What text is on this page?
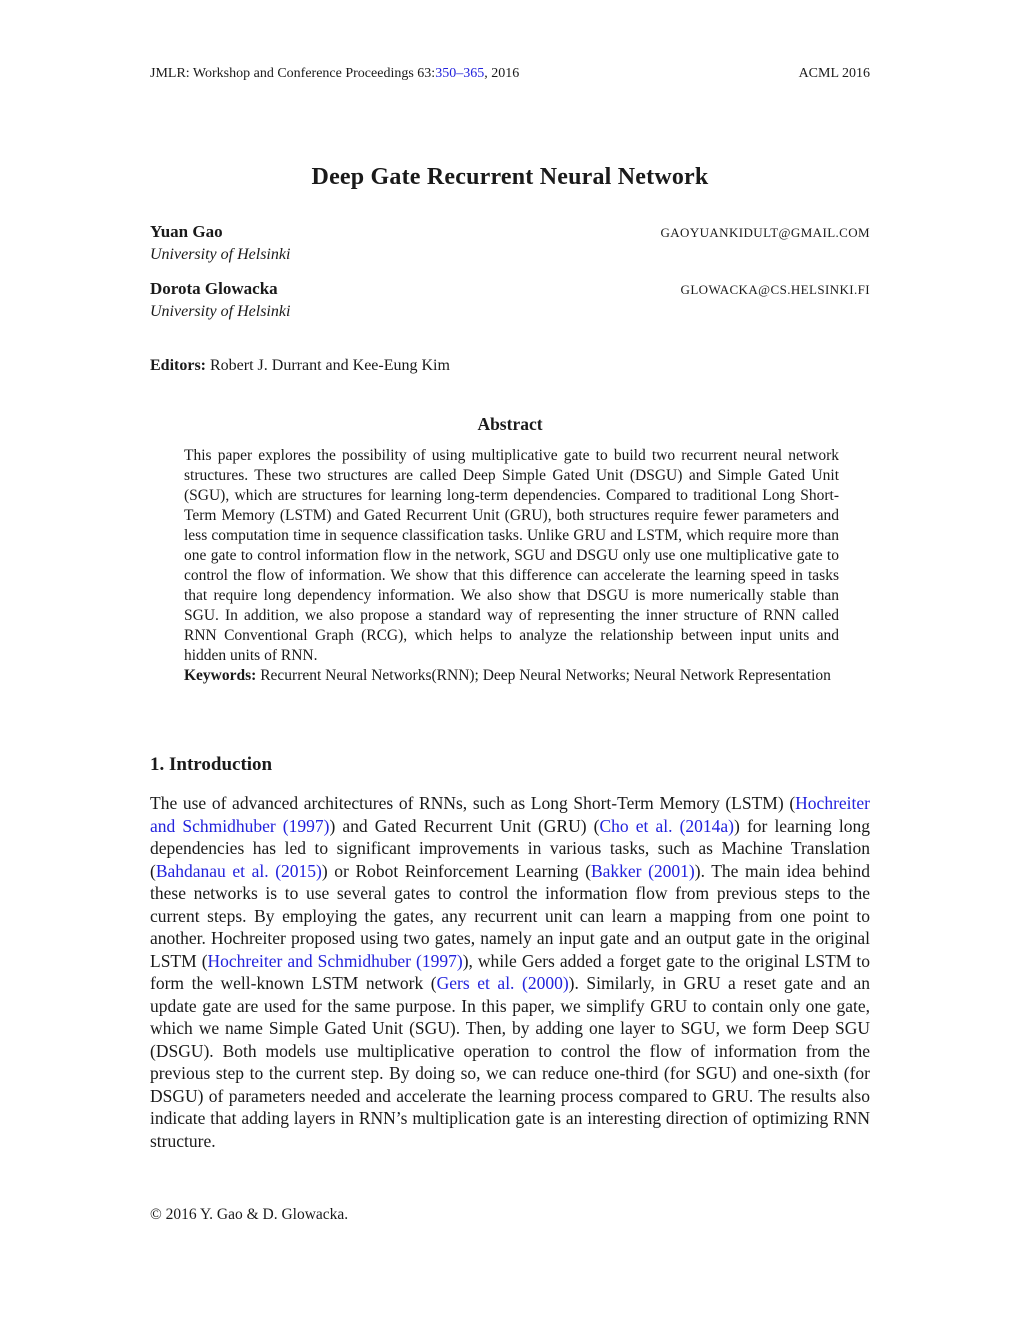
JMLR: Workshop and Conference Proceedings 63:350–365, 2016	ACML 2016
Deep Gate Recurrent Neural Network
Yuan Gao	GAOYUANKIDULT@GMAIL.COM
University of Helsinki
Dorota Glowacka	GLOWACKA@CS.HELSINKI.FI
University of Helsinki
Editors: Robert J. Durrant and Kee-Eung Kim
Abstract

This paper explores the possibility of using multiplicative gate to build two recurrent neural network structures. These two structures are called Deep Simple Gated Unit (DSGU) and Simple Gated Unit (SGU), which are structures for learning long-term dependencies. Compared to traditional Long Short-Term Memory (LSTM) and Gated Recurrent Unit (GRU), both structures require fewer parameters and less computation time in sequence classification tasks. Unlike GRU and LSTM, which require more than one gate to control information flow in the network, SGU and DSGU only use one multiplicative gate to control the flow of information. We show that this difference can accelerate the learning speed in tasks that require long dependency information. We also show that DSGU is more numerically stable than SGU. In addition, we also propose a standard way of representing the inner structure of RNN called RNN Conventional Graph (RCG), which helps to analyze the relationship between input units and hidden units of RNN.

Keywords: Recurrent Neural Networks(RNN); Deep Neural Networks; Neural Network Representation

1. Introduction
The use of advanced architectures of RNNs, such as Long Short-Term Memory (LSTM) (Hochreiter and Schmidhuber (1997)) and Gated Recurrent Unit (GRU) (Cho et al. (2014a)) for learning long dependencies has led to significant improvements in various tasks, such as Machine Translation (Bahdanau et al. (2015)) or Robot Reinforcement Learning (Bakker (2001)). The main idea behind these networks is to use several gates to control the information flow from previous steps to the current steps. By employing the gates, any recurrent unit can learn a mapping from one point to another. Hochreiter proposed using two gates, namely an input gate and an output gate in the original LSTM (Hochreiter and Schmidhuber (1997)), while Gers added a forget gate to the original LSTM to form the well-known LSTM network (Gers et al. (2000)). Similarly, in GRU a reset gate and an update gate are used for the same purpose. In this paper, we simplify GRU to contain only one gate, which we name Simple Gated Unit (SGU). Then, by adding one layer to SGU, we form Deep SGU (DSGU). Both models use multiplicative operation to control the flow of information from the previous step to the current step. By doing so, we can reduce one-third (for SGU) and one-sixth (for DSGU) of parameters needed and accelerate the learning process compared to GRU. The results also indicate that adding layers in RNN’s multiplication gate is an interesting direction of optimizing RNN structure.
© 2016 Y. Gao & D. Glowacka.
